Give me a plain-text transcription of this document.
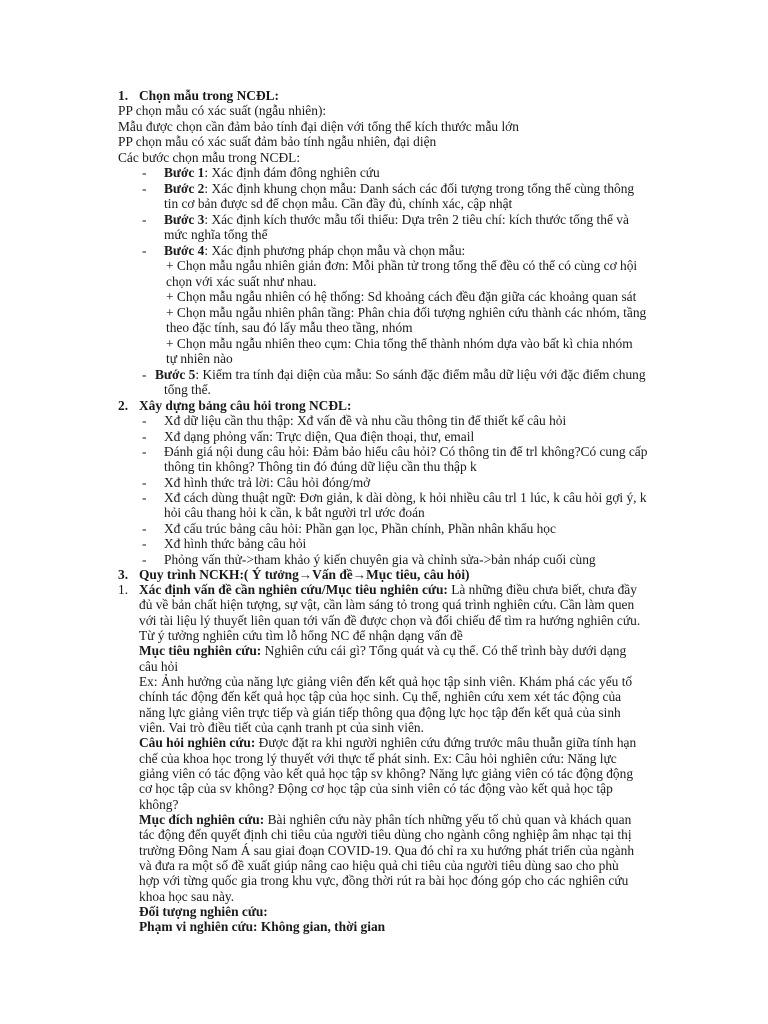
1. Chọn mẫu trong NCĐL:
PP chọn mẫu có xác suất (ngẫu nhiên):
Mẫu được chọn cần đảm bảo tính đại diện với tổng thể kích thước mẫu lớn
PP chọn mẫu có xác suất đảm bảo tính ngẫu nhiên, đại diện
Các bước chọn mẫu trong NCĐL:
- Bước 1: Xác định đám đông nghiên cứu
- Bước 2: Xác định khung chọn mẫu: Danh sách các đối tượng trong tổng thể cùng thông
tin cơ bản được sd để chọn mẫu. Cần đầy đủ, chính xác, cập nhật
- Bước 3: Xác định kích thước mẫu tối thiểu: Dựa trên 2 tiêu chí: kích thước tổng thể và
mức nghĩa tổng thể
- Bước 4: Xác định phương pháp chọn mẫu và chọn mẫu:
+ Chọn mẫu ngẫu nhiên giản đơn: Mỗi phần tử trong tổng thể đều có thể có cùng cơ hội
chọn với xác suất như nhau.
+ Chọn mẫu ngẫu nhiên có hệ thống: Sd khoảng cách đều đặn giữa các khoảng quan sát
+ Chọn mẫu ngẫu nhiên phân tầng: Phân chia đối tượng nghiên cứu thành các nhóm, tầng
theo đặc tính, sau đó lấy mẫu theo tầng, nhóm
+ Chọn mẫu ngẫu nhiên theo cụm: Chia tổng thể thành nhóm dựa vào bất kì chia nhóm
tự nhiên nào
- Bước 5: Kiểm tra tính đại diện của mẫu: So sánh đặc điểm mẫu dữ liệu với đặc điểm chung
tổng thể.
2. Xây dựng bảng câu hỏi trong NCĐL:
- Xđ dữ liệu cần thu thập: Xđ vấn đề và nhu cầu thông tin để thiết kế câu hỏi
- Xđ dạng phỏng vấn: Trực diện, Qua điện thoại, thư, email
- Đánh giá nội dung câu hỏi: Đảm bảo hiểu câu hỏi? Có thông tin để trl không?Có cung cấp
thông tin không? Thông tin đó đúng dữ liệu cần thu thập k
- Xđ hình thức trả lời: Câu hỏi đóng/mở
- Xđ cách dùng thuật ngữ: Đơn giản, k dài dòng, k hỏi nhiều câu trl 1 lúc, k câu hỏi gợi ý, k
hỏi câu thang hỏi k cần, k bắt người trl ước đoán
- Xđ cấu trúc bảng câu hỏi: Phần gạn lọc, Phần chính, Phần nhân khẩu học
- Xđ hình thức bảng câu hỏi
- Phỏng vấn thử->tham khảo ý kiến chuyên gia và chỉnh sửa->bản nháp cuối cùng
3. Quy trình NCKH:( Ý tưởng→Vấn đề→Mục tiêu, câu hỏi)
1. Xác định vấn đề cần nghiên cứu/Mục tiêu nghiên cứu: Là những điều chưa biết, chưa đầy
đủ về bản chất hiện tượng, sự vật, cần làm sáng tỏ trong quá trình nghiên cứu. Cần làm quen
với tài liệu lý thuyết liên quan tới vấn đề được chọn và đối chiếu để tìm ra hướng nghiên cứu.
Từ ý tưởng nghiên cứu tìm lỗ hổng NC để nhận dạng vấn đề
Mục tiêu nghiên cứu: Nghiên cứu cái gì? Tổng quát và cụ thể. Có thể trình bày dưới dạng
câu hỏi
Ex: Ảnh hưởng của năng lực giảng viên đến kết quả học tập sinh viên. Khám phá các yếu tố
chính tác động đến kết quả học tập của học sinh. Cụ thể, nghiên cứu xem xét tác động của
năng lực giảng viên trực tiếp và gián tiếp thông qua động lực học tập đến kết quả của sinh
viên. Vai trò điều tiết của cạnh tranh pt của sinh viên.
Câu hỏi nghiên cứu: Được đặt ra khi người nghiên cứu đứng trước mâu thuẫn giữa tính hạn
chế của khoa học trong lý thuyết với thực tế phát sinh. Ex: Câu hỏi nghiên cứu: Năng lực
giảng viên có tác động vào kết quả học tập sv không? Năng lực giảng viên có tác động động
cơ học tập của sv không? Động cơ học tập của sinh viên có tác động vào kết quả học tập
không?
Mục đích nghiên cứu: Bài nghiên cứu này phân tích những yếu tố chủ quan và khách quan
tác động đến quyết định chi tiêu của người tiêu dùng cho ngành công nghiệp âm nhạc tại thị
trường Đông Nam Á sau giai đoạn COVID-19. Qua đó chỉ ra xu hướng phát triển của ngành
và đưa ra một số đề xuất giúp nâng cao hiệu quả chi tiêu của người tiêu dùng sao cho phù
hợp với từng quốc gia trong khu vực, đồng thời rút ra bài học đóng góp cho các nghiên cứu
khoa học sau này.
Đối tượng nghiên cứu:
Phạm vi nghiên cứu: Không gian, thời gian
